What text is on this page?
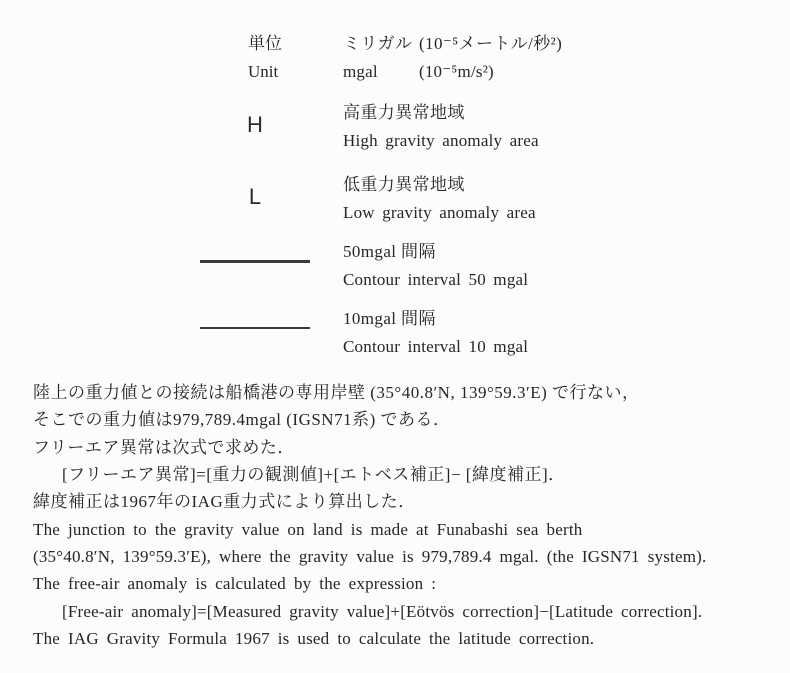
単位
Unit
ミリガル (10⁻⁵メートル/秒²)
mgal (10⁻⁵m/s²)
H	高重力異常地域
High gravity anomaly area
L	低重力異常地域
Low gravity anomaly area
50mgal 間隔
Contour interval 50 mgal
10mgal 間隔
Contour interval 10 mgal
陸上の重力値との接続は船橋港の専用岸壁 (35°40.8′N, 139°59.3′E) で行ない，
そこでの重力値は979,789.4mgal (IGSN71系) である．
フリーエア異常は次式で求めた．
[フリーエア異常]=[重力の観測値]+[エトベス補正]− [緯度補正]．
緯度補正は1967年のIAG重力式により算出した．
The junction to the gravity value on land is made at Funabashi sea berth
(35°40.8′N, 139°59.3′E), where the gravity value is 979,789.4 mgal. (the IGSN71 system).
The free-air anomaly is calculated by the expression :
[Free-air anomaly]=[Measured gravity value]+[Eötvös correction]−[Latitude correction].
The IAG Gravity Formula 1967 is used to calculate the latitude correction.
